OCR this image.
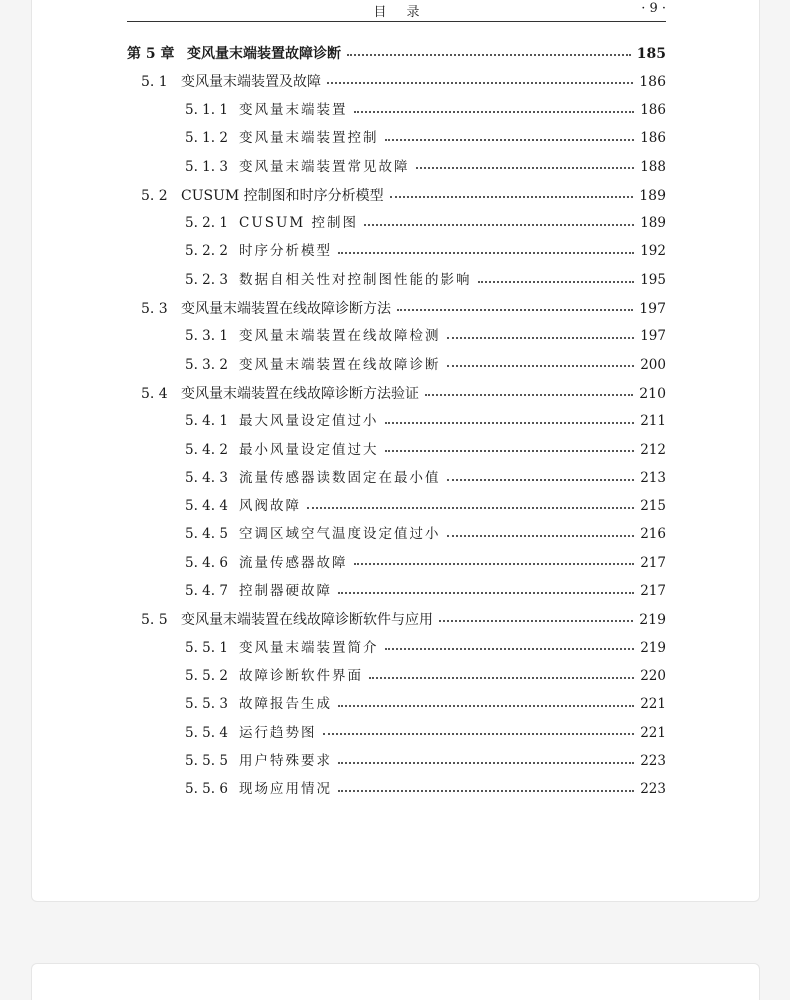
目录	· 9 ·
第 5 章 变风量末端装置故障诊断	185
5. 1 变风量末端装置及故障	186
5. 1. 1 变风量末端装置	186
5. 1. 2 变风量末端装置控制	186
5. 1. 3 变风量末端装置常见故障	188
5. 2 CUSUM 控制图和时序分析模型	189
5. 2. 1 CUSUM 控制图	189
5. 2. 2 时序分析模型	192
5. 2. 3 数据自相关性对控制图性能的影响	195
5. 3 变风量末端装置在线故障诊断方法	197
5. 3. 1 变风量末端装置在线故障检测	197
5. 3. 2 变风量末端装置在线故障诊断	200
5. 4 变风量末端装置在线故障诊断方法验证	210
5. 4. 1 最大风量设定值过小	211
5. 4. 2 最小风量设定值过大	212
5. 4. 3 流量传感器读数固定在最小值	213
5. 4. 4 风阀故障	215
5. 4. 5 空调区域空气温度设定值过小	216
5. 4. 6 流量传感器故障	217
5. 4. 7 控制器硬故障	217
5. 5 变风量末端装置在线故障诊断软件与应用	219
5. 5. 1 变风量末端装置简介	219
5. 5. 2 故障诊断软件界面	220
5. 5. 3 故障报告生成	221
5. 5. 4 运行趋势图	221
5. 5. 5 用户特殊要求	223
5. 5. 6 现场应用情况	223
